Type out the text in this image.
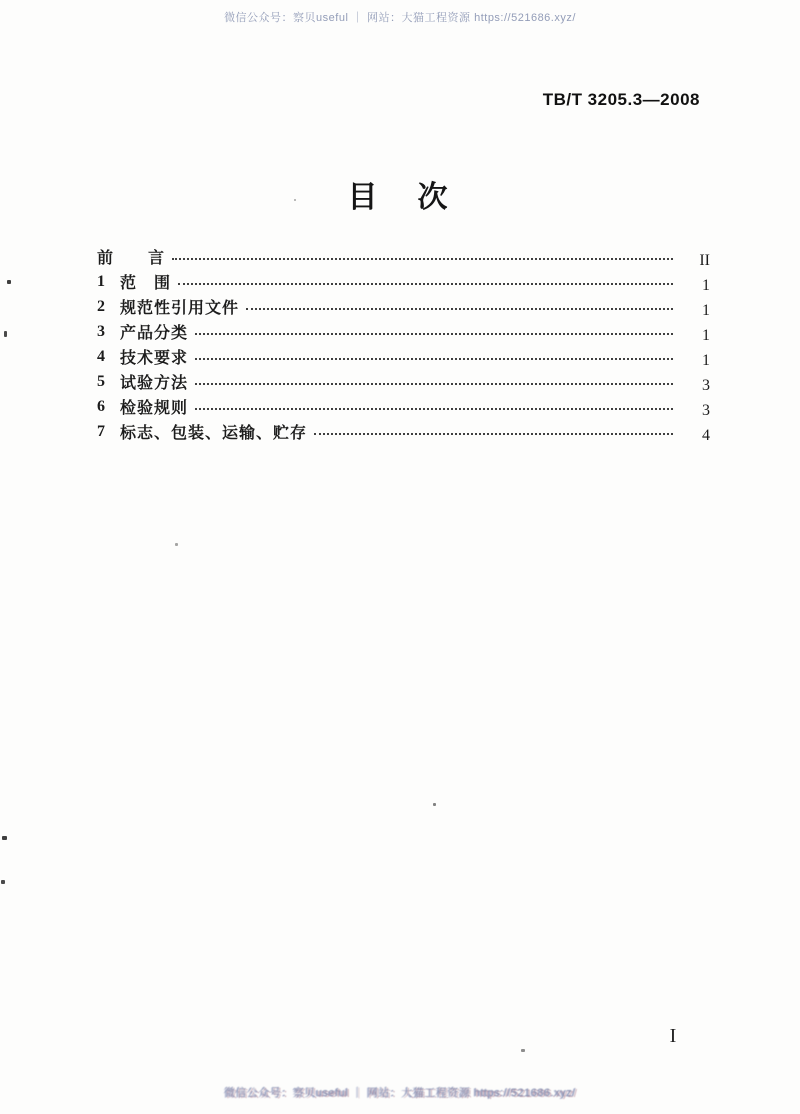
微信公众号：察贝useful ｜ 网站：大猫工程资源 https://521686.xyz/
TB/T 3205.3—2008
目　次
前　　言	II
1 范　围	1
2 规范性引用文件	1
3 产品分类	1
4 技术要求	1
5 试验方法	3
6 检验规则	3
7 标志、包装、运输、贮存	4
I
微信公众号：察贝useful ｜ 网站：大猫工程资源 https://521686.xyz/
